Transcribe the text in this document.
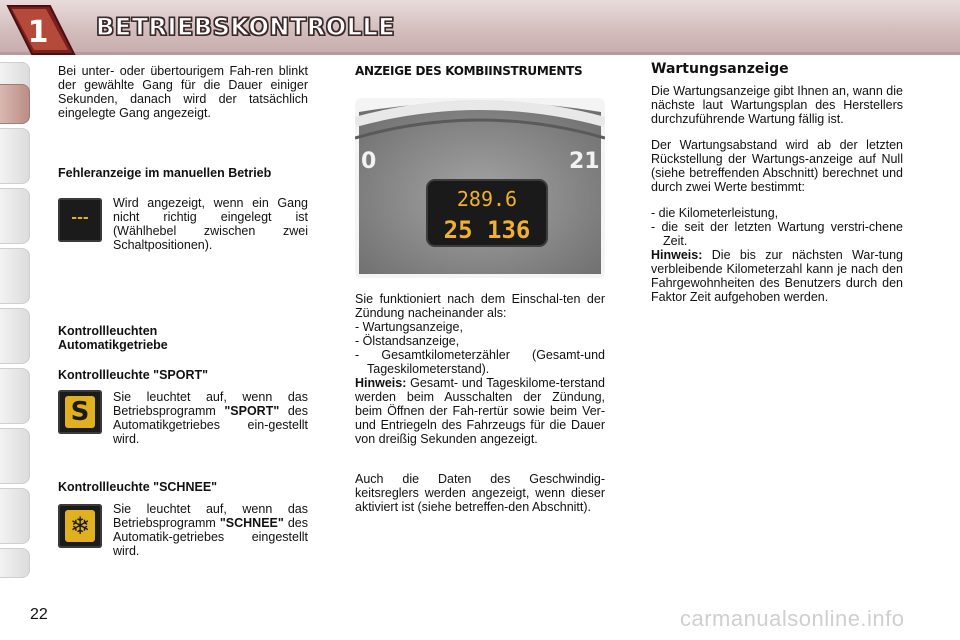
1 BETRIEBSKONTROLLE
Bei unter- oder übertourigem Fah-ren blinkt der gewählte Gang für die Dauer einiger Sekunden, danach wird der tatsächlich eingelegte Gang angezeigt.
Fehleranzeige im manuellen Betrieb
---
Wird angezeigt, wenn ein Gang nicht richtig eingelegt ist (Wählhebel zwischen zwei Schaltpositionen).
Kontrollleuchten Automatikgetriebe
Kontrollleuchte "SPORT"
S	Sie leuchtet auf, wenn das Betriebsprogramm "SPORT" des Automatikgetriebes ein-gestellt wird.
Kontrollleuchte "SCHNEE"
❄
Sie leuchtet auf, wenn das Betriebsprogramm "SCHNEE" des Automatik-getriebes eingestellt wird.
ANZEIGE DES KOMBIINSTRUMENTS
0	21
289.6
25 136
Sie funktioniert nach dem Einschal-ten der Zündung nacheinander als:
- Wartungsanzeige,
- Ölstandsanzeige,
- Gesamtkilometerzähler (Gesamt-und Tageskilometerstand).
Hinweis: Gesamt- und Tageskilome-terstand werden beim Ausschalten der Zündung, beim Öffnen der Fah-rertür sowie beim Ver- und Entriegeln des Fahrzeugs für die Dauer von dreißig Sekunden angezeigt.
Auch die Daten des Geschwindig-keitsreglers werden angezeigt, wenn dieser aktiviert ist (siehe betreffen-den Abschnitt).
Wartungsanzeige
Die Wartungsanzeige gibt Ihnen an, wann die nächste laut Wartungsplan des Herstellers durchzuführende Wartung fällig ist.
Der Wartungsabstand wird ab der letzten Rückstellung der Wartungs-anzeige auf Null (siehe betreffenden Abschnitt) berechnet und durch zwei Werte bestimmt:
- die Kilometerleistung,
- die seit der letzten Wartung verstri-chene Zeit.
Hinweis: Die bis zur nächsten War-tung verbleibende Kilometerzahl kann je nach den Fahrgewohnheiten des Benutzers durch den Faktor Zeit aufgehoben werden.
22	carmanualsonline.info
